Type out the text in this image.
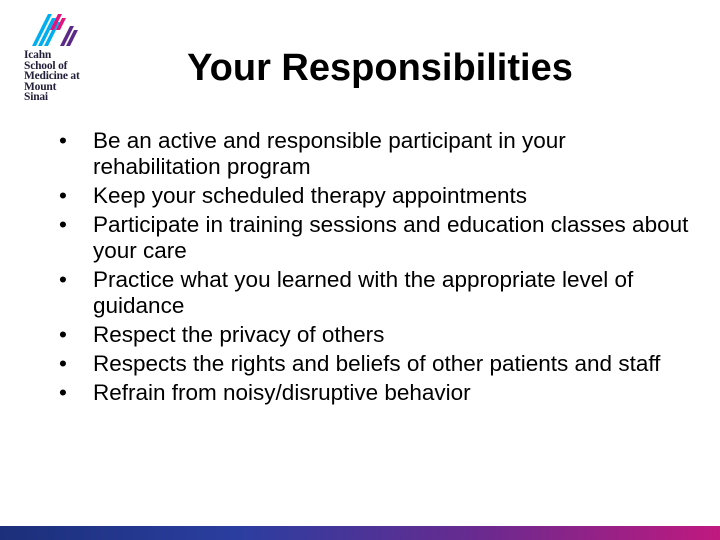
Icahn
School of
Medicine at
Mount
Sinai
Your Responsibilities
• Be an active and responsible participant in your rehabilitation program
• Keep your scheduled therapy appointments
• Participate in training sessions and education classes about your care
• Practice what you learned with the appropriate level of guidance
• Respect the privacy of others
• Respects the rights and beliefs of other patients and staff
• Refrain from noisy/disruptive behavior
